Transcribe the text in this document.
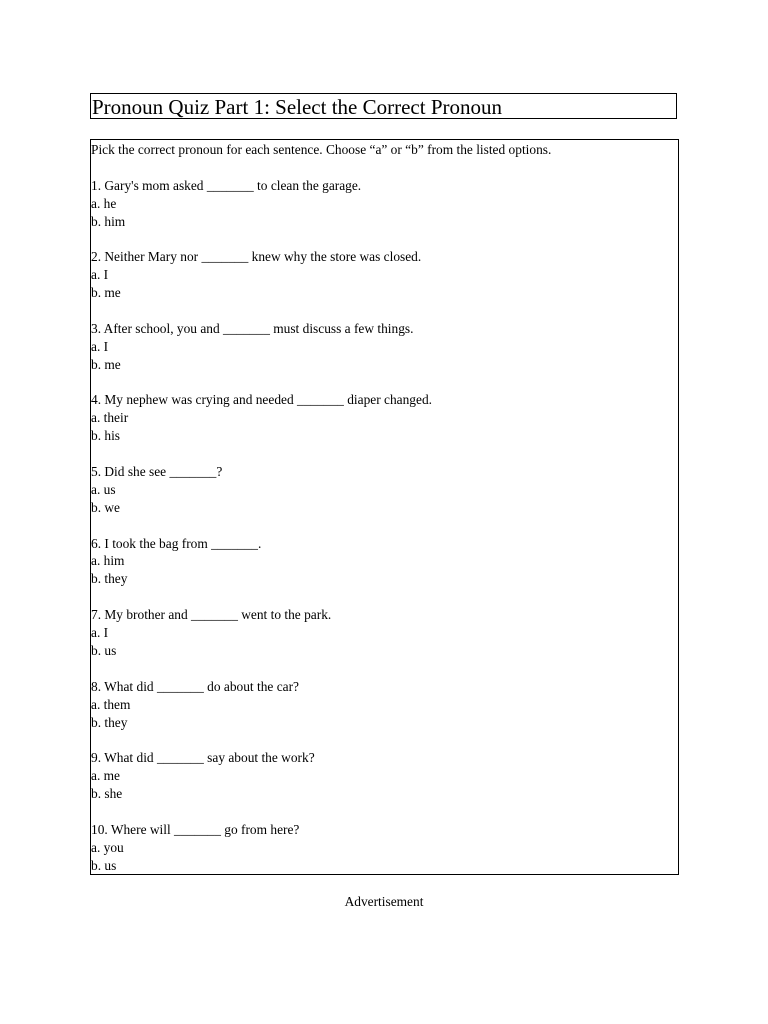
Pronoun Quiz Part 1: Select the Correct Pronoun
Pick the correct pronoun for each sentence. Choose “a” or “b” from the listed options.
1. Gary's mom asked _______ to clean the garage.
a. he
b. him
2. Neither Mary nor _______ knew why the store was closed.
a. I
b. me
3. After school, you and _______ must discuss a few things.
a. I
b. me
4. My nephew was crying and needed _______ diaper changed.
a. their
b. his
5. Did she see _______?
a. us
b. we
6. I took the bag from _______.
a. him
b. they
7. My brother and _______ went to the park.
a. I
b. us
8. What did _______ do about the car?
a. them
b. they
9. What did _______ say about the work?
a. me
b. she
10. Where will _______ go from here?
a. you
b. us
Advertisement
